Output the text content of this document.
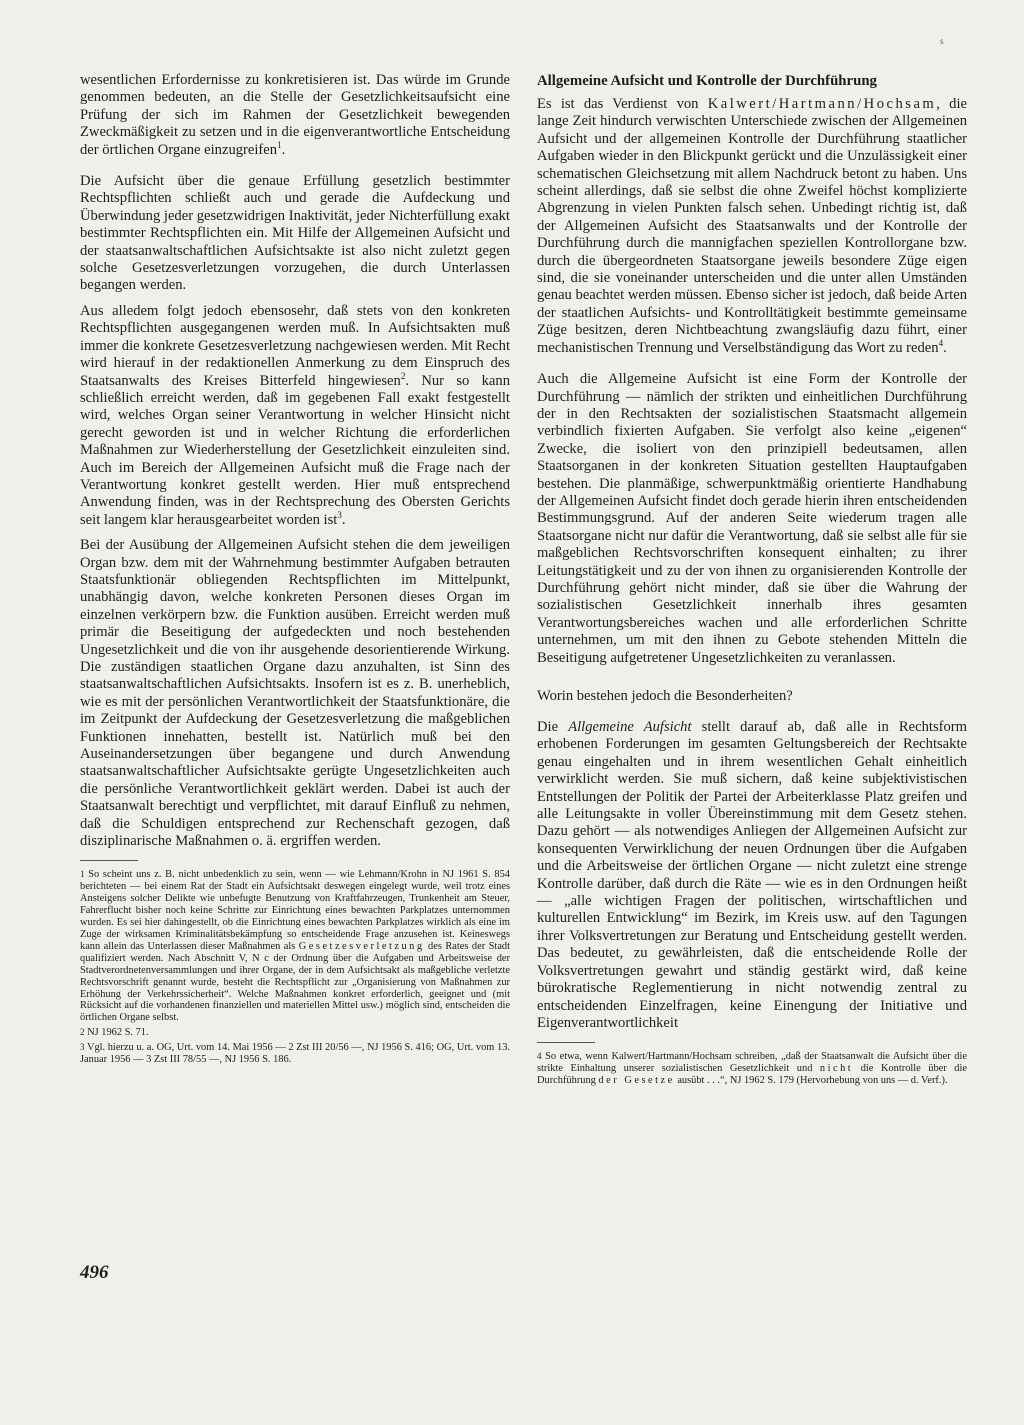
s

wesentlichen Erfordernisse zu konkretisieren ist. Das würde im Grunde genommen bedeuten, an die Stelle der Gesetzlichkeitsaufsicht eine Prüfung der sich im Rahmen der Gesetzlichkeit bewegenden Zweckmäßigkeit zu setzen und in die eigenverantwortliche Entscheidung der örtlichen Organe einzugreifen$^1$.

Die Aufsicht über die genaue Erfüllung gesetzlich bestimmter Rechtspflichten schließt auch und gerade die Aufdeckung und Überwindung jeder gesetzwidrigen Inaktivität, jeder Nichterfüllung exakt bestimmter Rechtspflichten ein. Mit Hilfe der Allgemeinen Aufsicht und der staatsanwaltschaftlichen Aufsichtsakte ist also nicht zuletzt gegen solche Gesetzesverletzungen vorzugehen, die durch Unterlassen begangen werden.

Aus alledem folgt jedoch ebensosehr, daß stets von den konkreten Rechtspflichten ausgegangenen werden muß. In Aufsichtsakten muß immer die konkrete Gesetzesverletzung nachgewiesen werden. Mit Recht wird hierauf in der redaktionellen Anmerkung zu dem Einspruch des Staatsanwalts des Kreises Bitterfeld hingewiesen$^2$. Nur so kann schließlich erreicht werden, daß im gegebenen Fall exakt festgestellt wird, welches Organ seiner Verantwortung in welcher Hinsicht nicht gerecht geworden ist und in welcher Richtung die erforderlichen Maßnahmen zur Wiederherstellung der Gesetzlichkeit einzuleiten sind. Auch im Bereich der Allgemeinen Aufsicht muß die Frage nach der Verantwortung konkret gestellt werden. Hier muß entsprechend Anwendung finden, was in der Rechtsprechung des Obersten Gerichts seit langem klar herausgearbeitet worden ist$^3$.

Bei der Ausübung der Allgemeinen Aufsicht stehen die dem jeweiligen Organ bzw. dem mit der Wahrnehmung bestimmter Aufgaben betrauten Staatsfunktionär obliegenden Rechtspflichten im Mittelpunkt, unabhängig davon, welche konkreten Personen dieses Organ im einzelnen verkörpern bzw. die Funktion ausüben. Erreicht werden muß primär die Beseitigung der aufgedeckten und noch bestehenden Ungesetzlichkeit und die von ihr ausgehende desorientierende Wirkung. Die zuständigen staatlichen Organe dazu anzuhalten, ist Sinn des staatsanwaltschaftlichen Aufsichtsakts. Insofern ist es z. B. unerheblich, wie es mit der persönlichen Verantwortlichkeit der Staatsfunktionäre, die im Zeitpunkt der Aufdeckung der Gesetzesverletzung die maßgeblichen Funktionen innehatten, bestellt ist. Natürlich muß bei den Auseinandersetzungen über begangene und durch Anwendung staatsanwaltschaftlicher Aufsichtsakte gerügte Ungesetzlichkeiten auch die persönliche Verantwortlichkeit geklärt werden. Dabei ist auch der Staatsanwalt berechtigt und verpflichtet, mit darauf Einfluß zu nehmen, daß die Schuldigen entsprechend zur Rechenschaft gezogen, daß disziplinarische Maßnahmen o. ä. ergriffen werden.

1 So scheint uns z. B. nicht unbedenklich zu sein, wenn — wie Lehmann/Krohn in NJ 1961 S. 854 berichteten — bei einem Rat der Stadt ein Aufsichtsakt deswegen eingelegt wurde, weil trotz eines Ansteigens solcher Delikte wie unbefugte Benutzung von Kraftfahrzeugen, Trunkenheit am Steuer, Fahrerflucht bisher noch keine Schritte zur Einrichtung eines bewachten Parkplatzes unternommen wurden. Es sei hier dahingestellt, ob die Einrichtung eines bewachten Parkplatzes wirklich als eine im Zuge der wirksamen Kriminalitätsbekämpfung so entscheidende Frage anzusehen ist. Keineswegs kann allein das Unterlassen dieser Maßnahmen als Gesetzesverletzung des Rates der Stadt qualifiziert werden. Nach Abschnitt V, N c der Ordnung über die Aufgaben und Arbeitsweise der Stadtverordnetenversammlungen und ihrer Organe, der in dem Aufsichtsakt als maßgebliche verletzte Rechtsvorschrift genannt wurde, besteht die Rechtspflicht zur „Organisierung von Maßnahmen zur Erhöhung der Verkehrssicherheit“. Welche Maßnahmen konkret erforderlich, geeignet und (mit Rücksicht auf die vorhandenen finanziellen und materiellen Mittel usw.) möglich sind, entscheiden die örtlichen Organe selbst.

2 NJ 1962 S. 71.

3 Vgl. hierzu u. a. OG, Urt. vom 14. Mai 1956 — 2 Zst III 20/56 —, NJ 1956 S. 416; OG, Urt. vom 13. Januar 1956 — 3 Zst III 78/55 —, NJ 1956 S. 186.

Allgemeine Aufsicht und Kontrolle der Durchführung

Es ist das Verdienst von Kalwert/Hartmann/Hochsam, die lange Zeit hindurch verwischten Unterschiede zwischen der Allgemeinen Aufsicht und der allgemeinen Kontrolle der Durchführung staatlicher Aufgaben wieder in den Blickpunkt gerückt und die Unzulässigkeit einer schematischen Gleichsetzung mit allem Nachdruck betont zu haben. Uns scheint allerdings, daß sie selbst die ohne Zweifel höchst komplizierte Abgrenzung in vielen Punkten falsch sehen. Unbedingt richtig ist, daß der Allgemeinen Aufsicht des Staatsanwalts und der Kontrolle der Durchführung durch die mannigfachen speziellen Kontrollorgane bzw. durch die übergeordneten Staatsorgane jeweils besondere Züge eigen sind, die sie voneinander unterscheiden und die unter allen Umständen genau beachtet werden müssen. Ebenso sicher ist jedoch, daß beide Arten der staatlichen Aufsichts- und Kontrolltätigkeit bestimmte gemeinsame Züge besitzen, deren Nichtbeachtung zwangsläufig dazu führt, einer mechanistischen Trennung und Verselbständigung das Wort zu reden$^4$.

Auch die Allgemeine Aufsicht ist eine Form der Kontrolle der Durchführung — nämlich der strikten und einheitlichen Durchführung der in den Rechtsakten der sozialistischen Staatsmacht allgemein verbindlich fixierten Aufgaben. Sie verfolgt also keine „eigenen“ Zwecke, die isoliert von den prinzipiell bedeutsamen, allen Staatsorganen in der konkreten Situation gestellten Hauptaufgaben bestehen. Die planmäßige, schwerpunktmäßig orientierte Handhabung der Allgemeinen Aufsicht findet doch gerade hierin ihren entscheidenden Bestimmungsgrund. Auf der anderen Seite wiederum tragen alle Staatsorgane nicht nur dafür die Verantwortung, daß sie selbst alle für sie maßgeblichen Rechtsvorschriften konsequent einhalten; zu ihrer Leitungstätigkeit und zu der von ihnen zu organisierenden Kontrolle der Durchführung gehört nicht minder, daß sie über die Wahrung der sozialistischen Gesetzlichkeit innerhalb ihres gesamten Verantwortungsbereiches wachen und alle erforderlichen Schritte unternehmen, um mit den ihnen zu Gebote stehenden Mitteln die Beseitigung aufgetretener Ungesetzlichkeiten zu veranlassen.

Worin bestehen jedoch die Besonderheiten?

Die Allgemeine Aufsicht stellt darauf ab, daß alle in Rechtsform erhobenen Forderungen im gesamten Geltungsbereich der Rechtsakte genau eingehalten und in ihrem wesentlichen Gehalt einheitlich verwirklicht werden. Sie muß sichern, daß keine subjektivistischen Entstellungen der Politik der Partei der Arbeiterklasse Platz greifen und alle Leitungsakte in voller Übereinstimmung mit dem Gesetz stehen. Dazu gehört — als notwendiges Anliegen der Allgemeinen Aufsicht zur konsequenten Verwirklichung der neuen Ordnungen über die Aufgaben und die Arbeitsweise der örtlichen Organe — nicht zuletzt eine strenge Kontrolle darüber, daß durch die Räte — wie es in den Ordnungen heißt — „alle wichtigen Fragen der politischen, wirtschaftlichen und kulturellen Entwicklung“ im Bezirk, im Kreis usw. auf den Tagungen ihrer Volksvertretungen zur Beratung und Entscheidung gestellt werden. Das bedeutet, zu gewährleisten, daß die entscheidende Rolle der Volksvertretungen gewahrt und ständig gestärkt wird, daß keine bürokratische Reglementierung in nicht notwendig zentral zu entscheidenden Einzelfragen, keine Einengung der Initiative und Eigenverantwortlichkeit

4 So etwa, wenn Kalwert/Hartmann/Hochsam schreiben, „daß der Staatsanwalt die Aufsicht über die strikte Einhaltung unserer sozialistischen Gesetzlichkeit und nicht die Kontrolle über die Durchführung der Gesetze ausübt . . .“, NJ 1962 S. 179 (Hervorhebung von uns — d. Verf.).

496
